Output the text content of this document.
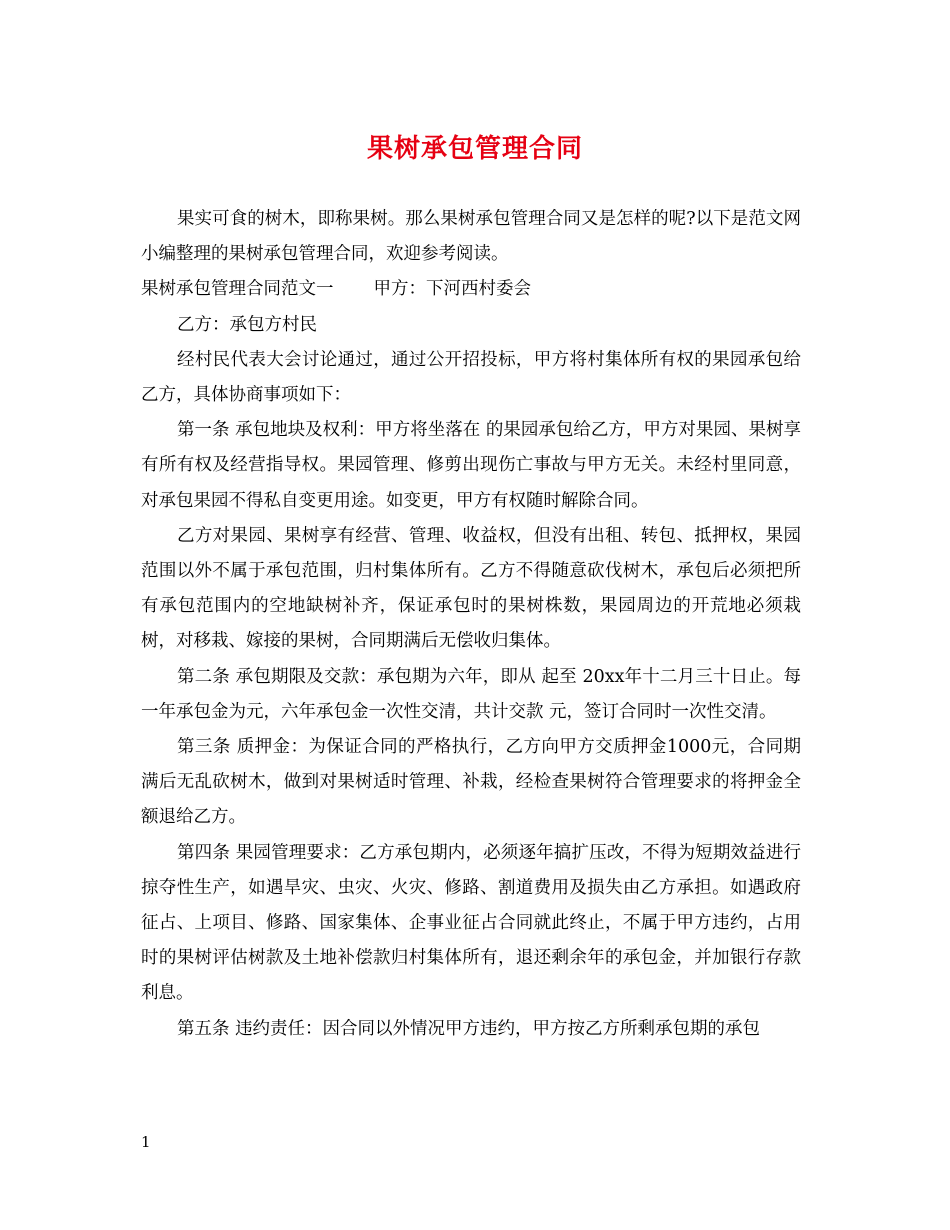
果树承包管理合同

果实可食的树木，即称果树。那么果树承包管理合同又是怎样的呢?以下是范文网小编整理的果树承包管理合同，欢迎参考阅读。

果树承包管理合同范文一 甲方：下河西村委会

乙方：承包方村民

经村民代表大会讨论通过，通过公开招投标，甲方将村集体所有权的果园承包给乙方，具体协商事项如下：

第一条 承包地块及权利：甲方将坐落在 的果园承包给乙方，甲方对果园、果树享有所有权及经营指导权。果园管理、修剪出现伤亡事故与甲方无关。未经村里同意，对承包果园不得私自变更用途。如变更，甲方有权随时解除合同。

乙方对果园、果树享有经营、管理、收益权，但没有出租、转包、抵押权，果园范围以外不属于承包范围，归村集体所有。乙方不得随意砍伐树木，承包后必须把所有承包范围内的空地缺树补齐，保证承包时的果树株数，果园周边的开荒地必须栽树，对移栽、嫁接的果树，合同期满后无偿收归集体。

第二条 承包期限及交款：承包期为六年，即从 起至 20xx年十二月三十日止。每一年承包金为元，六年承包金一次性交清，共计交款 元，签订合同时一次性交清。

第三条 质押金：为保证合同的严格执行，乙方向甲方交质押金1000元，合同期满后无乱砍树木，做到对果树适时管理、补栽，经检查果树符合管理要求的将押金全额退给乙方。

第四条 果园管理要求：乙方承包期内，必须逐年搞扩压改，不得为短期效益进行掠夺性生产，如遇旱灾、虫灾、火灾、修路、割道费用及损失由乙方承担。如遇政府征占、上项目、修路、国家集体、企事业征占合同就此终止，不属于甲方违约，占用时的果树评估树款及土地补偿款归村集体所有，退还剩余年的承包金，并加银行存款利息。

第五条 违约责任：因合同以外情况甲方违约，甲方按乙方所剩承包期的承包

1
